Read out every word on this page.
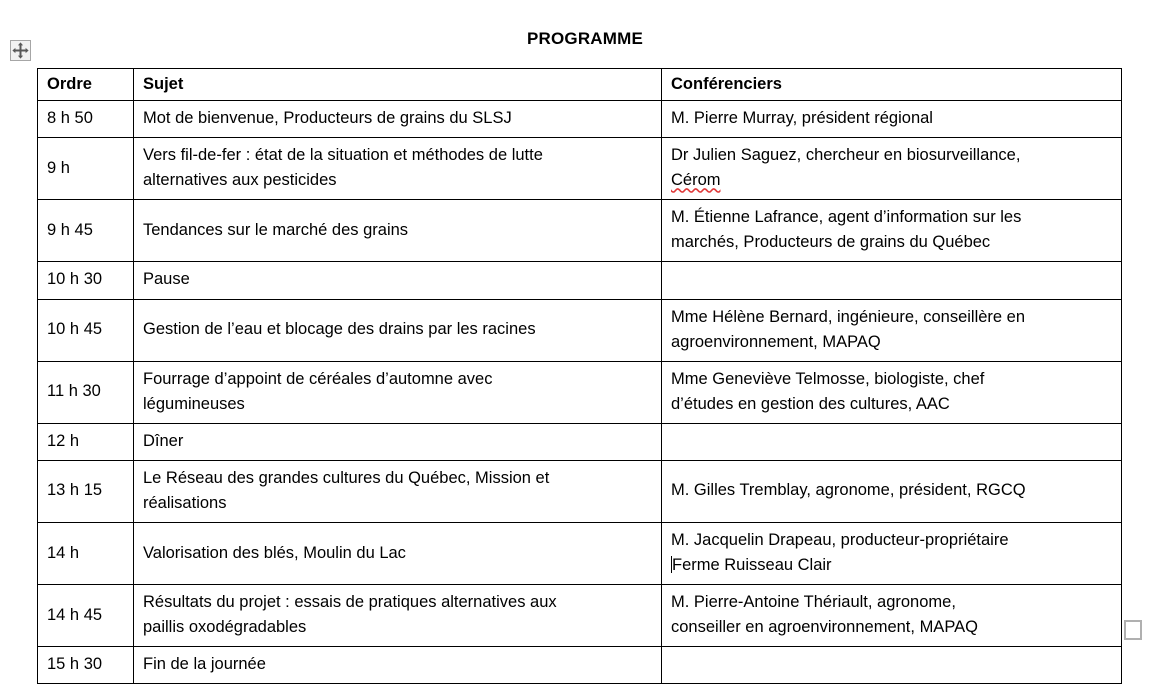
PROGRAMME
Ordre	Sujet	Conférenciers
8 h 50	Mot de bienvenue, Producteurs de grains du SLSJ	M. Pierre Murray, président régional

9 h	Vers fil-de-fer : état de la situation et méthodes de lutte
alternatives aux pesticides	Dr Julien Saguez, chercheur en biosurveillance,
Cérom

9 h 45	Tendances sur le marché des grains	M. Étienne Lafrance, agent d’information sur les
marchés, Producteurs de grains du Québec

10 h 30	Pause	

10 h 45	Gestion de l’eau et blocage des drains par les racines	Mme Hélène Bernard, ingénieure, conseillère en
agroenvironnement, MAPAQ

11 h 30	Fourrage d’appoint de céréales d’automne avec
légumineuses	Mme Geneviève Telmosse, biologiste, chef
d’études en gestion des cultures, AAC

12 h	Dîner	

13 h 15	Le Réseau des grandes cultures du Québec, Mission et
réalisations	M. Gilles Tremblay, agronome, président, RGCQ

14 h	Valorisation des blés, Moulin du Lac	M. Jacquelin Drapeau, producteur-propriétaire
Ferme Ruisseau Clair

14 h 45	Résultats du projet : essais de pratiques alternatives aux
paillis oxodégradables	M. Pierre-Antoine Thériault, agronome,
conseiller en agroenvironnement, MAPAQ

15 h 30	Fin de la journée	
